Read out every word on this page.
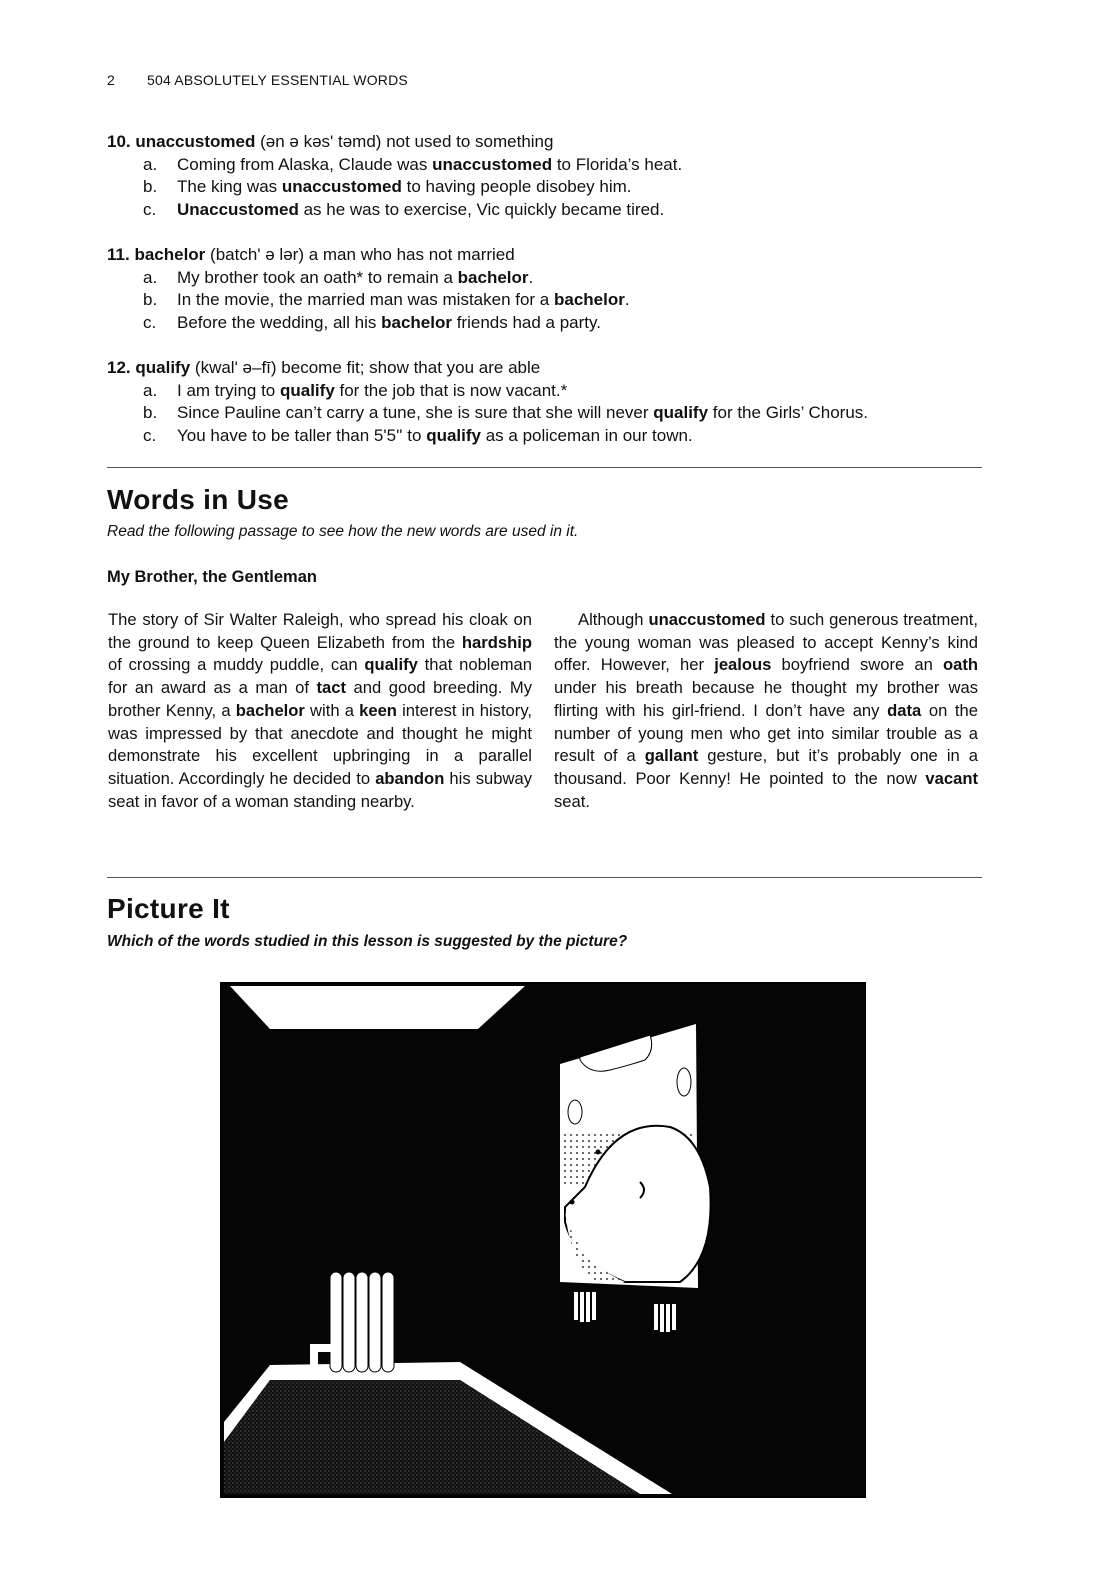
2 504 ABSOLUTELY ESSENTIAL WORDS
10. unaccustomed (ən ə kəs' təmd) not used to something
a.	Coming from Alaska, Claude was unaccustomed to Florida’s heat.
b.	The king was unaccustomed to having people disobey him.
c.	Unaccustomed as he was to exercise, Vic quickly became tired.
11. bachelor (batch' ə lər) a man who has not married
a.	My brother took an oath* to remain a bachelor.
b.	In the movie, the married man was mistaken for a bachelor.
c.	Before the wedding, all his bachelor friends had a party.
12. qualify (kwal' ə–fī) become fit; show that you are able
a.	I am trying to qualify for the job that is now vacant.*
b.	Since Pauline can’t carry a tune, she is sure that she will never qualify for the Girls’ Chorus.
c.	You have to be taller than 5'5'' to qualify as a policeman in our town.
Words in Use

Read the following passage to see how the new words are used in it.

My Brother, the Gentleman

The story of Sir Walter Raleigh, who spread his cloak on the ground to keep Queen Elizabeth from the hardship of crossing a muddy puddle, can qualify that nobleman for an award as a man of tact and good breeding. My brother Kenny, a bachelor with a keen interest in history, was impressed by that anecdote and thought he might demonstrate his excellent upbringing in a parallel situation. Accordingly he decided to abandon his subway seat in favor of a woman standing nearby.

Although unaccustomed to such generous treatment, the young woman was pleased to accept Kenny’s kind offer. However, her jealous boyfriend swore an oath under his breath because he thought my brother was flirting with his girl-friend. I don’t have any data on the number of young men who get into similar trouble as a result of a gallant gesture, but it’s probably one in a thousand. Poor Kenny! He pointed to the now vacant seat.

Picture It

Which of the words studied in this lesson is suggested by the picture?
